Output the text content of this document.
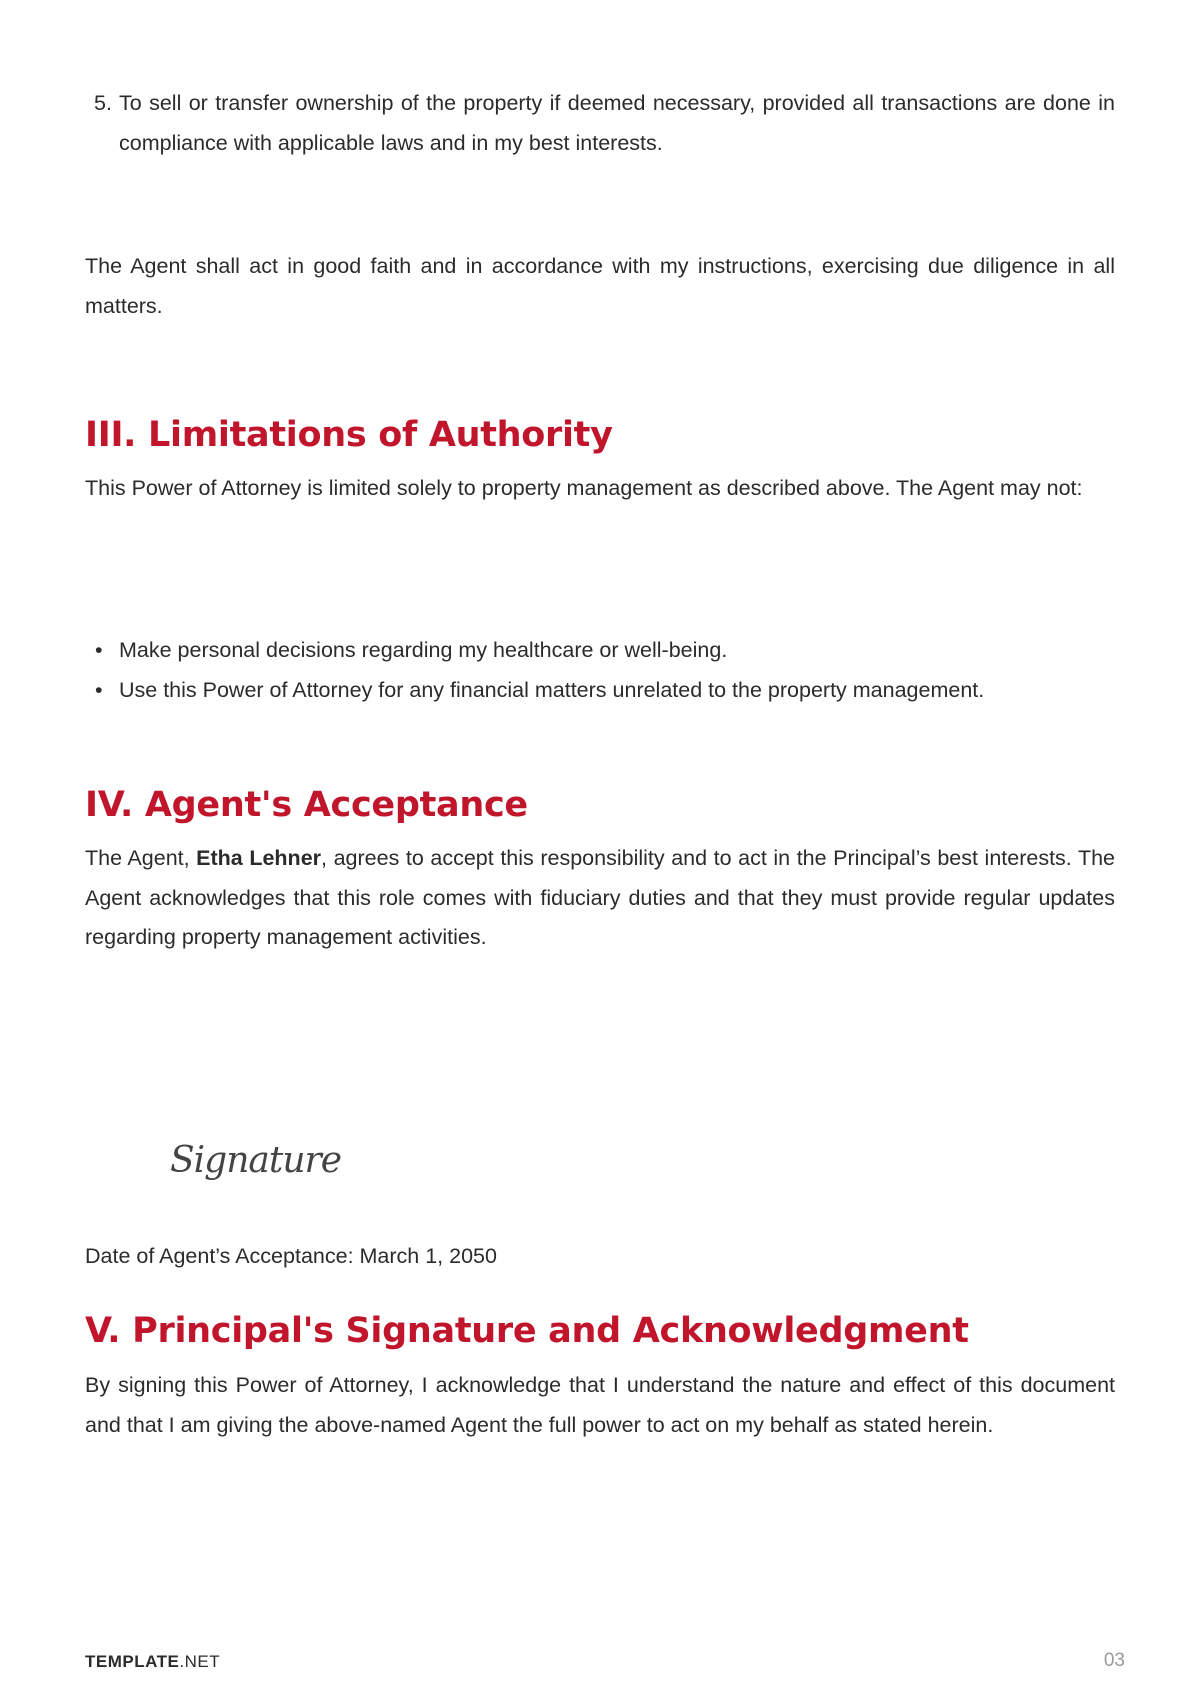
5. To sell or transfer ownership of the property if deemed necessary, provided all transactions are done in compliance with applicable laws and in my best interests.

The Agent shall act in good faith and in accordance with my instructions, exercising due diligence in all matters.

III. Limitations of Authority

This Power of Attorney is limited solely to property management as described above. The Agent may not:

• Make personal decisions regarding my healthcare or well-being.
• Use this Power of Attorney for any financial matters unrelated to the property management.
IV. Agent's Acceptance

The Agent, Etha Lehner, agrees to accept this responsibility and to act in the Principal’s best interests. The Agent acknowledges that this role comes with fiduciary duties and that they must provide regular updates regarding property management activities.

Signature

Date of Agent’s Acceptance: March 1, 2050

V. Principal's Signature and Acknowledgment

By signing this Power of Attorney, I acknowledge that I understand the nature and effect of this document and that I am giving the above-named Agent the full power to act on my behalf as stated herein.

TEMPLATE.NET	03
